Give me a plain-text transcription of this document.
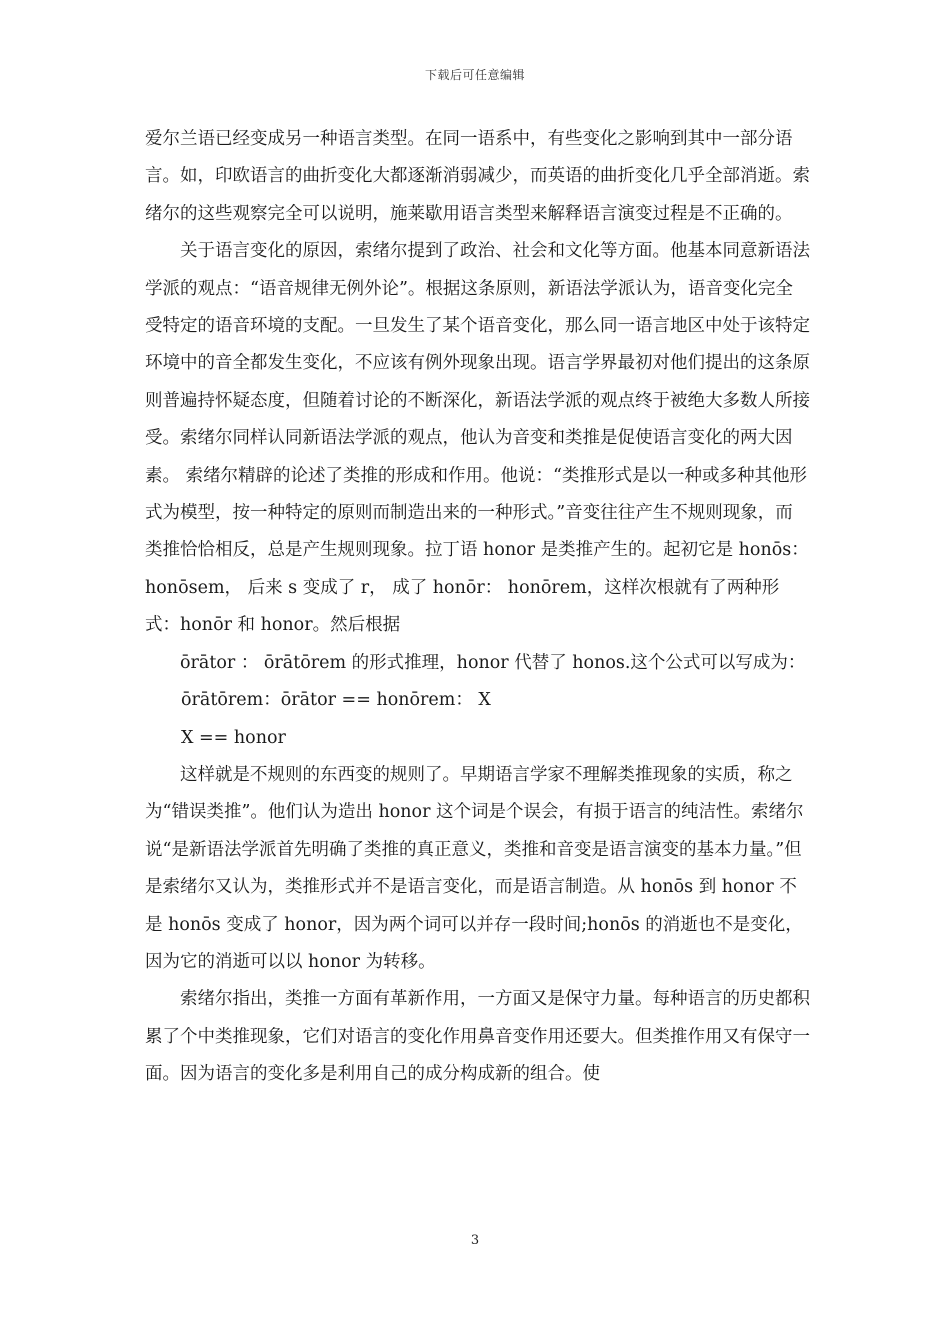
下载后可任意编辑

爱尔兰语已经变成另一种语言类型。在同一语系中，有些变化之影响到其中一部分语言。如，印欧语言的曲折变化大都逐渐消弱减少，而英语的曲折变化几乎全部消逝。索绪尔的这些观察完全可以说明，施莱歇用语言类型来解释语言演变过程是不正确的。

关于语言变化的原因，索绪尔提到了政治、社会和文化等方面。他基本同意新语法学派的观点：“语音规律无例外论”。根据这条原则，新语法学派认为，语音变化完全受特定的语音环境的支配。一旦发生了某个语音变化，那么同一语言地区中处于该特定环境中的音全都发生变化，不应该有例外现象出现。语言学界最初对他们提出的这条原则普遍持怀疑态度，但随着讨论的不断深化，新语法学派的观点终于被绝大多数人所接受。索绪尔同样认同新语法学派的观点，他认为音变和类推是促使语言变化的两大因素。 索绪尔精辟的论述了类推的形成和作用。他说：“类推形式是以一种或多种其他形式为模型，按一种特定的原则而制造出来的一种形式。”音变往往产生不规则现象，而类推恰恰相反，总是产生规则现象。拉丁语 honor 是类推产生的。起初它是 honōs： honōsem， 后来 s 变成了 r， 成了 honōr： honōrem，这样次根就有了两种形式：honōr 和 honor。然后根据

ōrātor ： ōrātōrem 的形式推理，honor 代替了 honos.这个公式可以写成为：

ōrātōrem：ōrātor == honōrem： X

X == honor

这样就是不规则的东西变的规则了。早期语言学家不理解类推现象的实质，称之为“错误类推”。他们认为造出 honor 这个词是个误会，有损于语言的纯洁性。索绪尔说“是新语法学派首先明确了类推的真正意义，类推和音变是语言演变的基本力量。”但是索绪尔又认为，类推形式并不是语言变化，而是语言制造。从 honōs 到 honor 不是 honōs 变成了 honor，因为两个词可以并存一段时间;honōs 的消逝也不是变化，因为它的消逝可以以 honor 为转移。

索绪尔指出，类推一方面有革新作用，一方面又是保守力量。每种语言的历史都积累了个中类推现象，它们对语言的变化作用鼻音变作用还要大。但类推作用又有保守一面。因为语言的变化多是利用自己的成分构成新的组合。使

3
